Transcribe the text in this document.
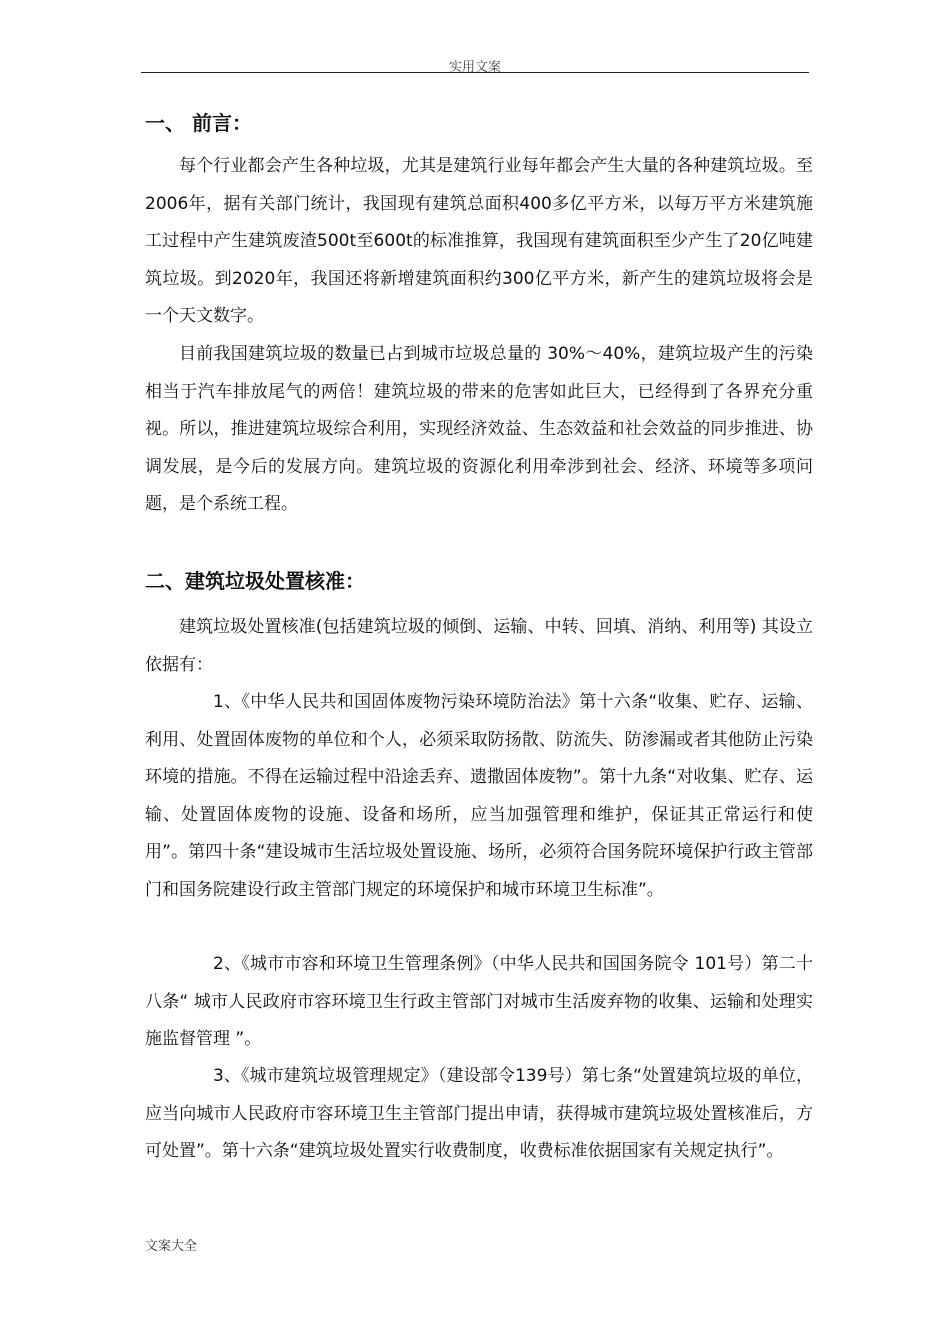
实用文案
一、 前言：

每个行业都会产生各种垃圾，尤其是建筑行业每年都会产生大量的各种建筑垃圾。至2006年，据有关部门统计，我国现有建筑总面积400多亿平方米，以每万平方米建筑施工过程中产生建筑废渣500t至600t的标准推算，我国现有建筑面积至少产生了20亿吨建筑垃圾。到2020年，我国还将新增建筑面积约300亿平方米，新产生的建筑垃圾将会是一个天文数字。

目前我国建筑垃圾的数量已占到城市垃圾总量的 30%～40%，建筑垃圾产生的污染相当于汽车排放尾气的两倍！建筑垃圾的带来的危害如此巨大，已经得到了各界充分重视。所以，推进建筑垃圾综合利用，实现经济效益、生态效益和社会效益的同步推进、协调发展，是今后的发展方向。建筑垃圾的资源化利用牵涉到社会、经济、环境等多项问题，是个系统工程。

二、建筑垃圾处置核准：

建筑垃圾处置核准(包括建筑垃圾的倾倒、运输、中转、回填、消纳、利用等) 其设立依据有：

1、《中华人民共和国固体废物污染环境防治法》第十六条“收集、贮存、运输、利用、处置固体废物的单位和个人，必须采取防扬散、防流失、防渗漏或者其他防止污染环境的措施。不得在运输过程中沿途丢弃、遗撒固体废物”。第十九条“对收集、贮存、运输、处置固体废物的设施、设备和场所，应当加强管理和维护，保证其正常运行和使用”。第四十条“建设城市生活垃圾处置设施、场所，必须符合国务院环境保护行政主管部门和国务院建设行政主管部门规定的环境保护和城市环境卫生标准”。

2、《城市市容和环境卫生管理条例》（中华人民共和国国务院令 101号）第二十八条“ 城市人民政府市容环境卫生行政主管部门对城市生活废弃物的收集、运输和处理实施监督管理 ”。

3、《城市建筑垃圾管理规定》（建设部令139号）第七条“处置建筑垃圾的单位，应当向城市人民政府市容环境卫生主管部门提出申请，获得城市建筑垃圾处置核准后，方可处置”。第十六条“建筑垃圾处置实行收费制度，收费标准依据国家有关规定执行”。

文案大全
